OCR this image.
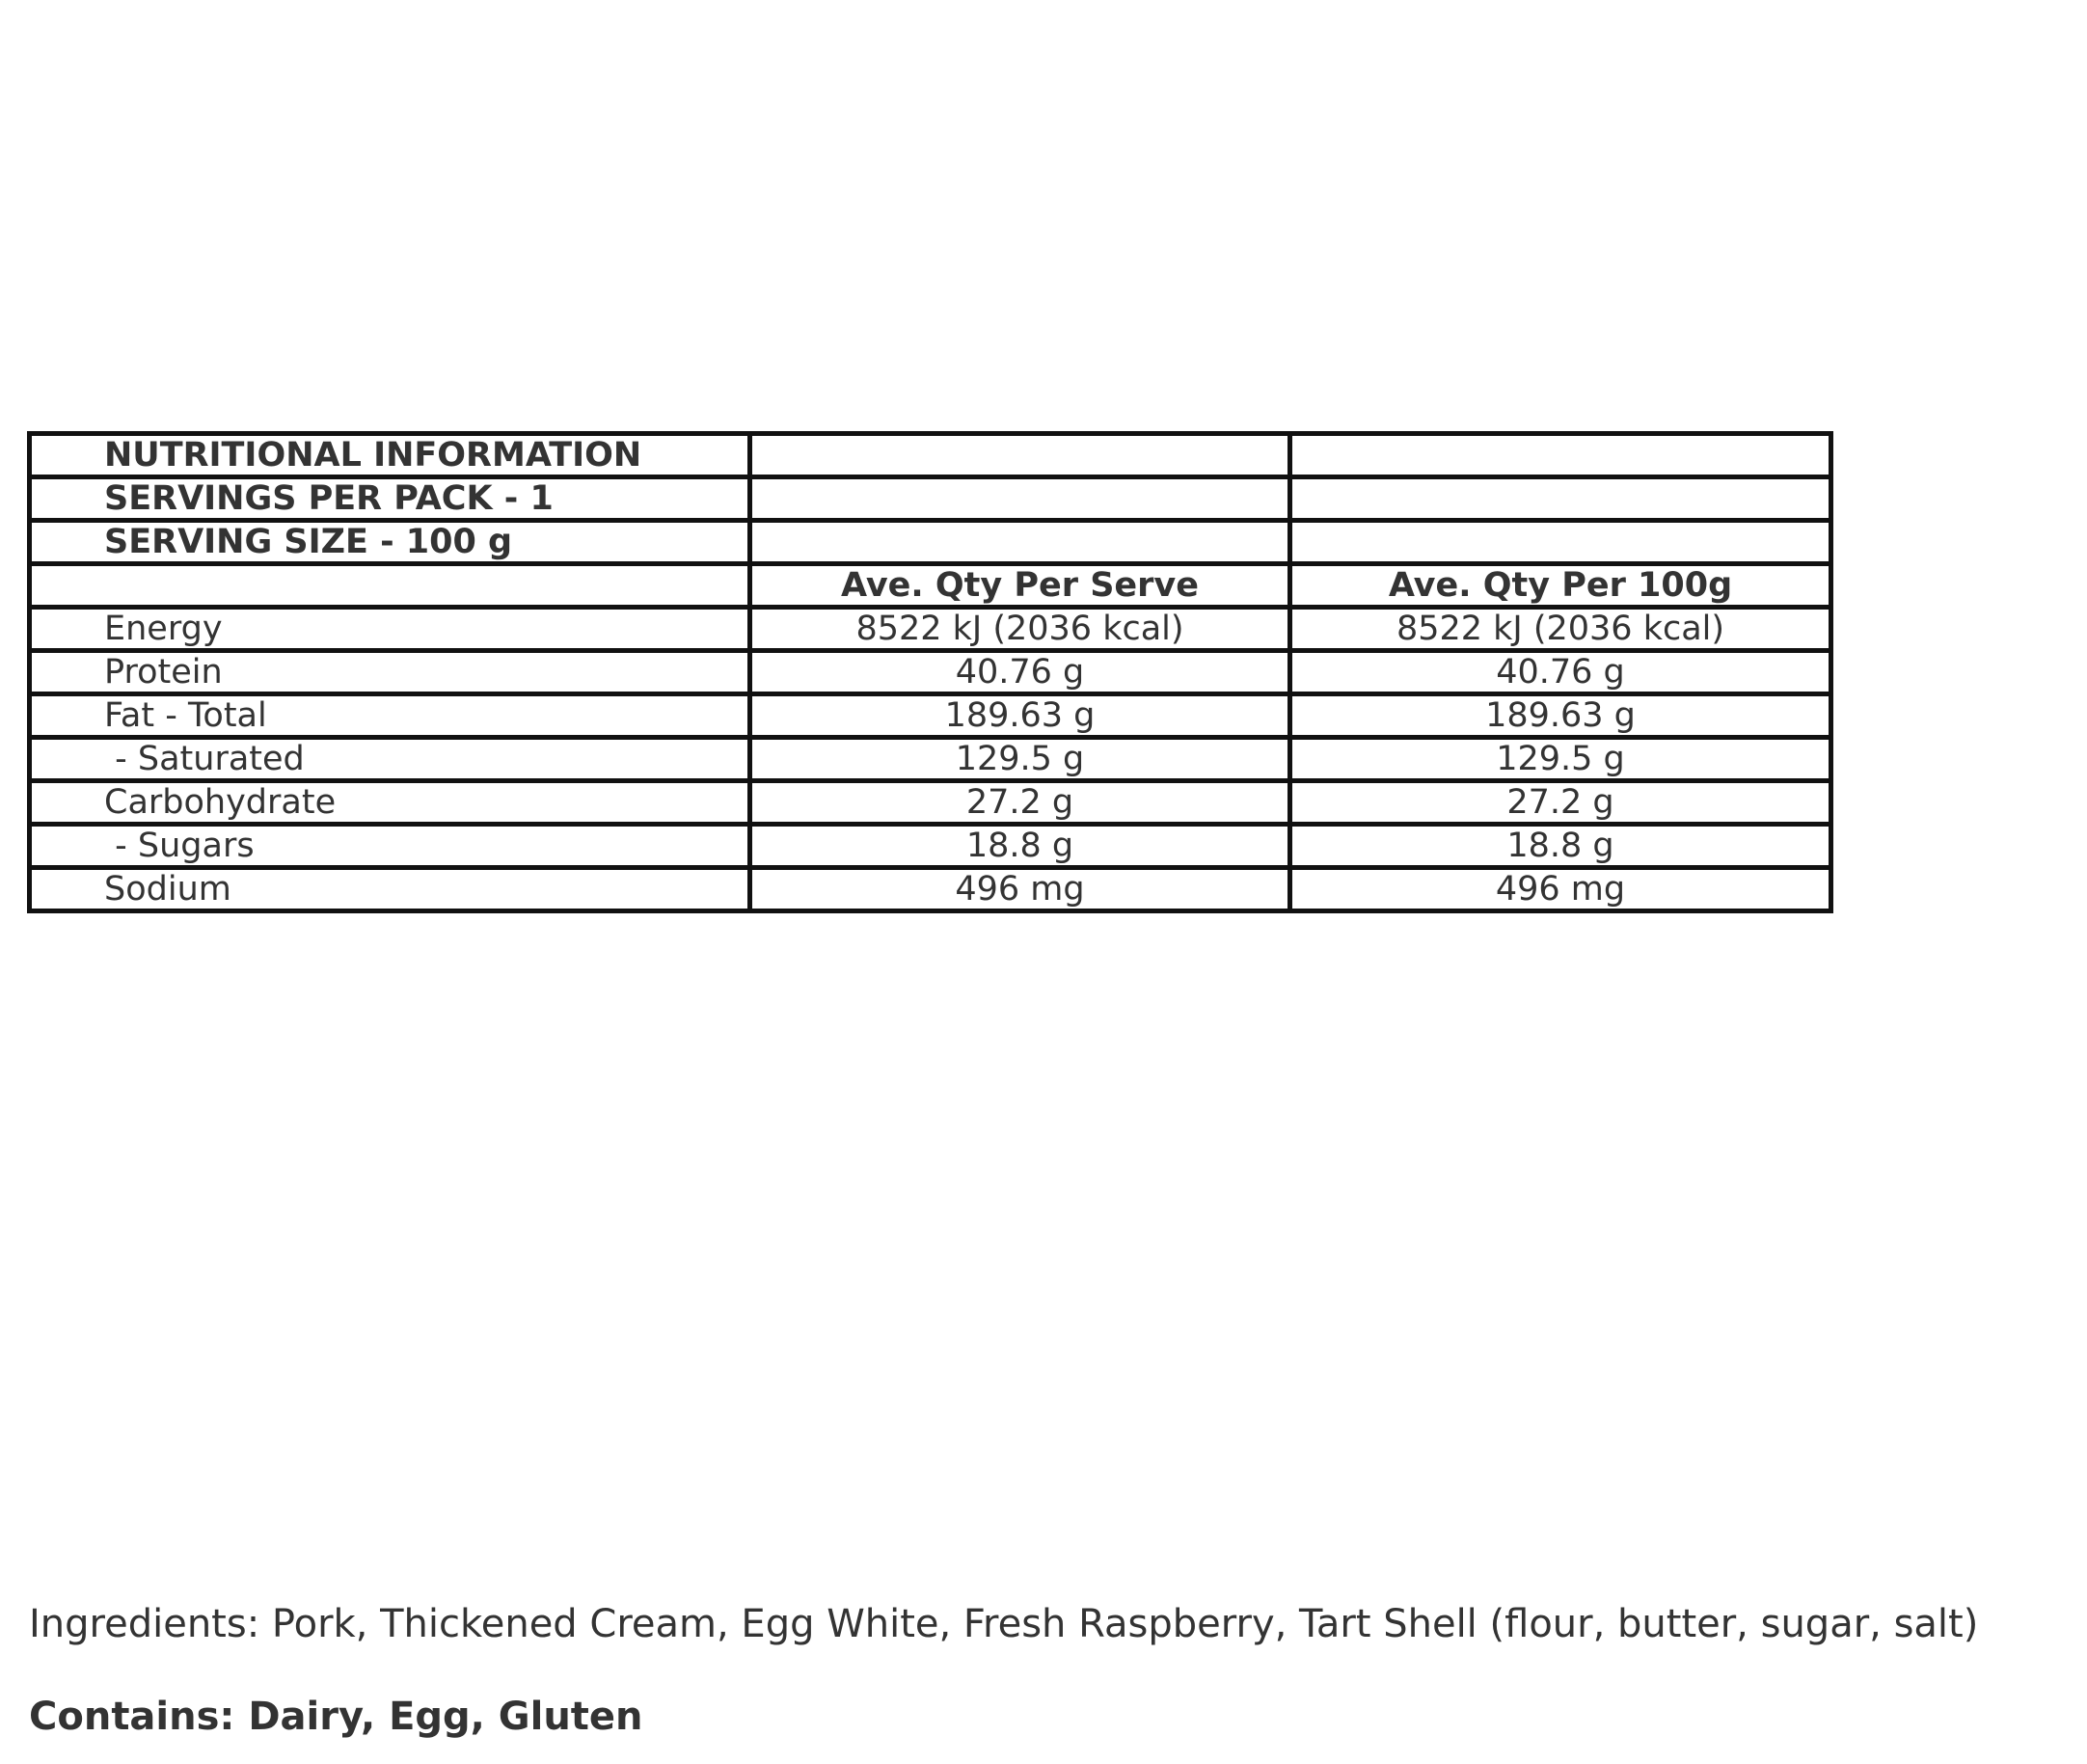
NUTRITIONAL INFORMATION		
SERVINGS PER PACK - 1		
SERVING SIZE - 100 g		
	Ave. Qty Per Serve	Ave. Qty Per 100g
Energy	8522 kJ (2036 kcal)	8522 kJ (2036 kcal)
Protein	40.76 g	40.76 g
Fat - Total	189.63 g	189.63 g
- Saturated	129.5 g	129.5 g
Carbohydrate	27.2 g	27.2 g
- Sugars	18.8 g	18.8 g
Sodium	496 mg	496 mg
Ingredients: Pork, Thickened Cream, Egg White, Fresh Raspberry, Tart Shell (flour, butter, sugar, salt)
Contains: Dairy, Egg, Gluten
